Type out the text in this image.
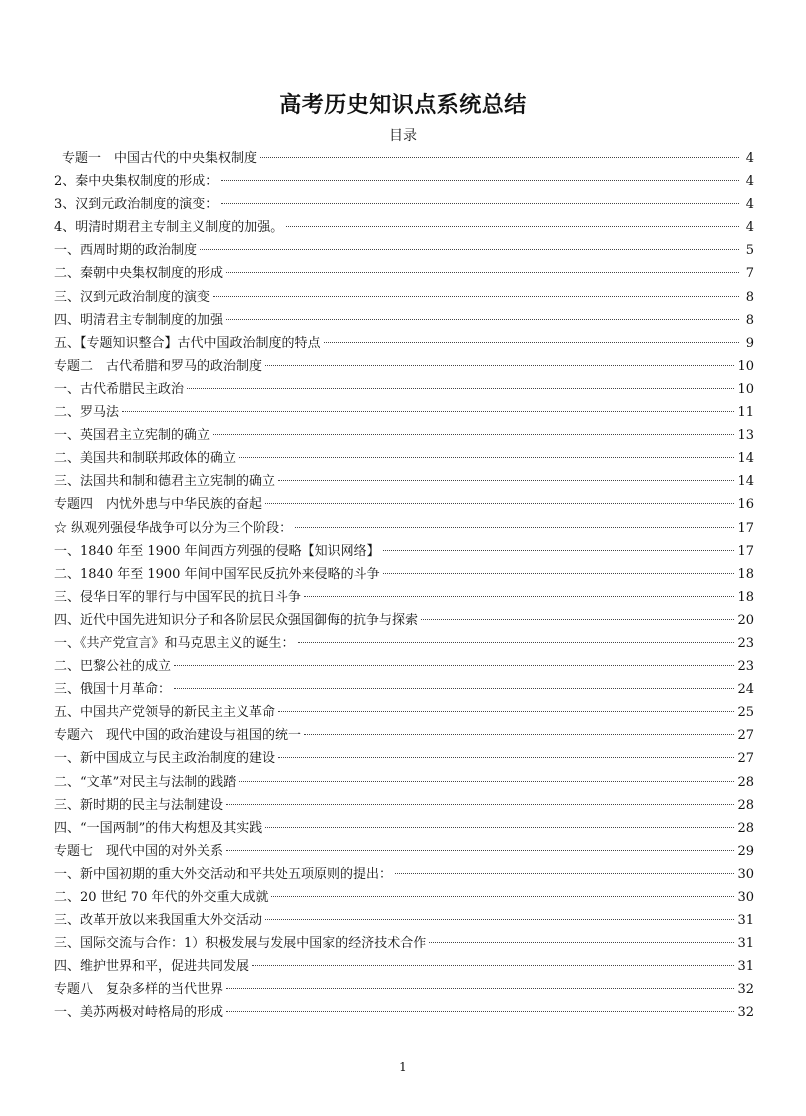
高考历史知识点系统总结
目录
专题一　中国古代的中央集权制度	4
2、秦中央集权制度的形成：	4
3、汉到元政治制度的演变：	4
4、明清时期君主专制主义制度的加强。	4
一、西周时期的政治制度	5
二、秦朝中央集权制度的形成	7
三、汉到元政治制度的演变	8
四、明清君主专制制度的加强	8
五、【专题知识整合】古代中国政治制度的特点	9
专题二　古代希腊和罗马的政治制度	10
一、古代希腊民主政治	10
二、罗马法	11
一、英国君主立宪制的确立	13
二、美国共和制联邦政体的确立	14
三、法国共和制和德君主立宪制的确立	14
专题四　内忧外患与中华民族的奋起	16
☆ 纵观列强侵华战争可以分为三个阶段：	17
一、1840 年至 1900 年间西方列强的侵略【知识网络】	17
二、1840 年至 1900 年间中国军民反抗外来侵略的斗争	18
三、侵华日军的罪行与中国军民的抗日斗争	18
四、近代中国先进知识分子和各阶层民众强国御侮的抗争与探索	20
一、《共产党宣言》和马克思主义的诞生：	23
二、巴黎公社的成立	23
三、俄国十月革命：	24
五、中国共产党领导的新民主主义革命	25
专题六　现代中国的政治建设与祖国的统一	27
一、新中国成立与民主政治制度的建设	27
二、“文革”对民主与法制的践踏	28
三、新时期的民主与法制建设	28
四、“一国两制”的伟大构想及其实践	28
专题七　现代中国的对外关系	29
一、新中国初期的重大外交活动和平共处五项原则的提出：	30
二、20 世纪 70 年代的外交重大成就	30
三、改革开放以来我国重大外交活动	31
三、国际交流与合作：1）积极发展与发展中国家的经济技术合作	31
四、维护世界和平，促进共同发展	31
专题八　复杂多样的当代世界	32
一、美苏两极对峙格局的形成	32
1
